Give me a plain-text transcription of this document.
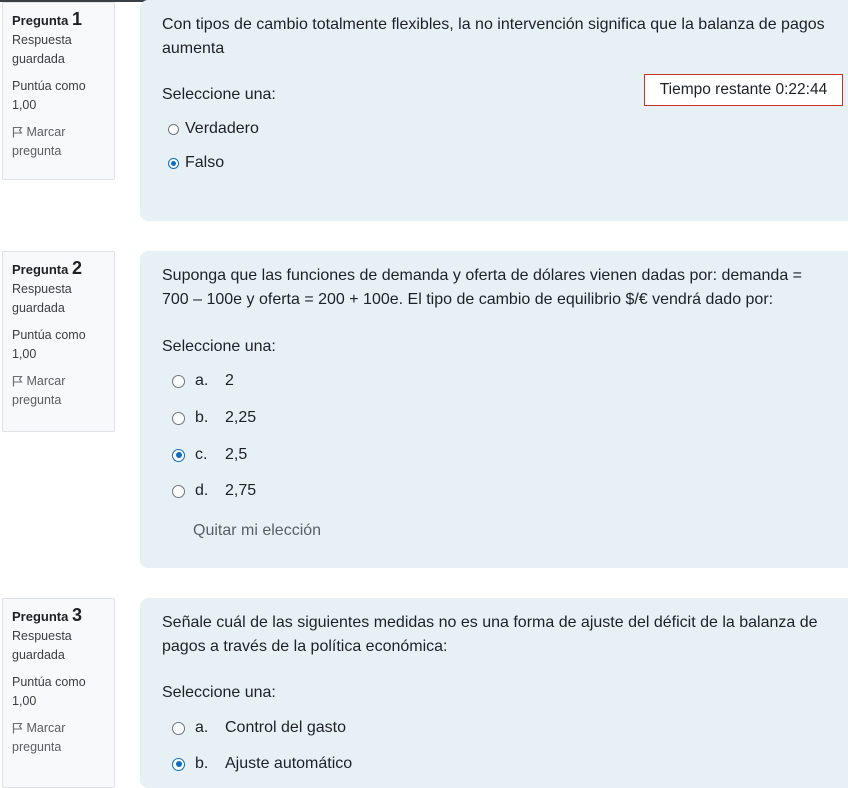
Pregunta 1
Respuesta guardada
Puntúa como 1,00
Marcar pregunta
Con tipos de cambio totalmente flexibles, la no intervención significa que la balanza de pagos aumenta
Seleccione una:
Verdadero
Falso
Tiempo restante 0:22:44
Pregunta 2
Respuesta guardada
Puntúa como 1,00
Marcar pregunta
Suponga que las funciones de demanda y oferta de dólares vienen dadas por: demanda = 700 – 100e y oferta = 200 + 100e. El tipo de cambio de equilibrio $/€ vendrá dado por:
Seleccione una:
a.	2
b.	2,25
c.	2,5
d.	2,75
Quitar mi elección
Pregunta 3
Respuesta guardada
Puntúa como 1,00
Marcar pregunta
Señale cuál de las siguientes medidas no es una forma de ajuste del déficit de la balanza de pagos a través de la política económica:
Seleccione una:
a.	Control del gasto
b.	Ajuste automático
